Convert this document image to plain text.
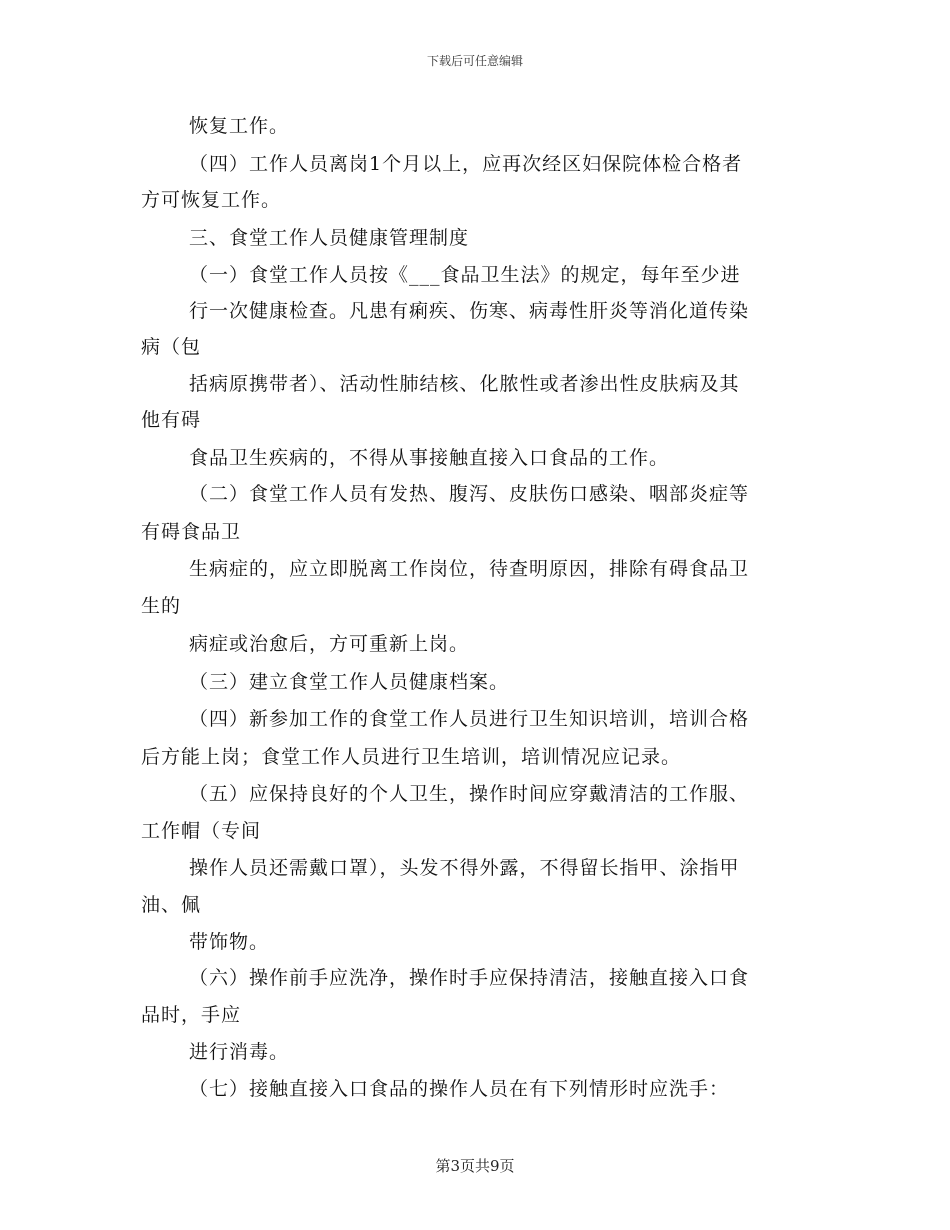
下载后可任意编辑
恢复工作。
（四）工作人员离岗1个月以上，应再次经区妇保院体检合格者
方可恢复工作。
三、食堂工作人员健康管理制度
（一）食堂工作人员按《___食品卫生法》的规定，每年至少进
行一次健康检查。凡患有痢疾、伤寒、病毒性肝炎等消化道传染
病（包
括病原携带者）、活动性肺结核、化脓性或者渗出性皮肤病及其
他有碍
食品卫生疾病的，不得从事接触直接入口食品的工作。
（二）食堂工作人员有发热、腹泻、皮肤伤口感染、咽部炎症等
有碍食品卫
生病症的，应立即脱离工作岗位，待查明原因，排除有碍食品卫
生的
病症或治愈后，方可重新上岗。
（三）建立食堂工作人员健康档案。
（四）新参加工作的食堂工作人员进行卫生知识培训，培训合格
后方能上岗；食堂工作人员进行卫生培训，培训情况应记录。
（五）应保持良好的个人卫生，操作时间应穿戴清洁的工作服、
工作帽（专间
操作人员还需戴口罩），头发不得外露，不得留长指甲、涂指甲
油、佩
带饰物。
（六）操作前手应洗净，操作时手应保持清洁，接触直接入口食
品时，手应
进行消毒。
（七）接触直接入口食品的操作人员在有下列情形时应洗手：
第3页共9页
